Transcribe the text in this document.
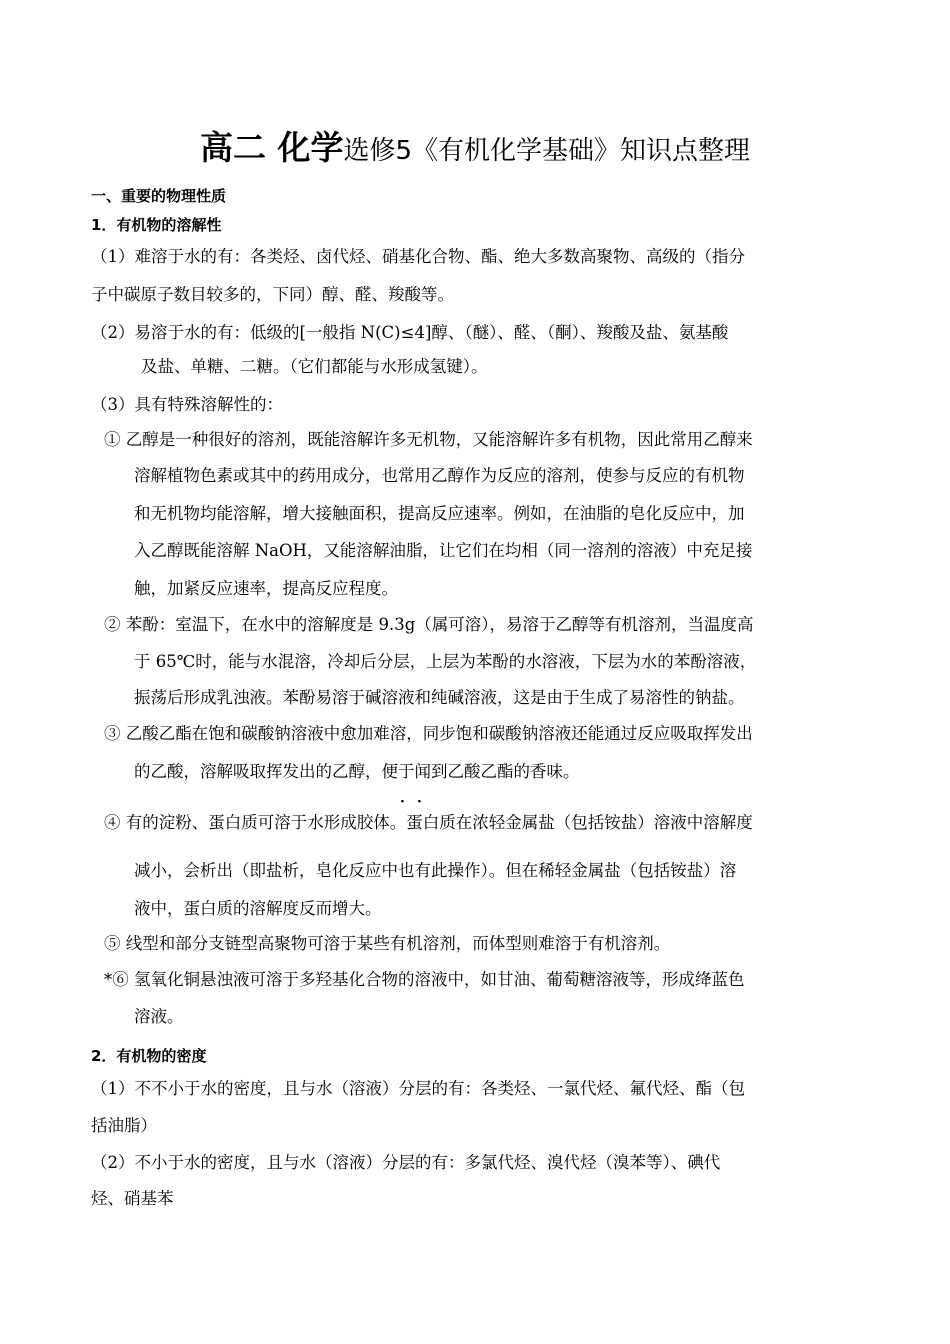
高二 化学选修5《有机化学基础》知识点整理
一、重要的物理性质
1．有机物的溶解性
（1）难溶于水的有：各类烃、卤代烃、硝基化合物、酯、绝大多数高聚物、高级的（指分
子中碳原子数目较多的，下同）醇、醛、羧酸等。
（2）易溶于水的有：低级的[一般指 N(C)≤4]醇、（醚）、醛、（酮）、羧酸及盐、氨基酸
及盐、单糖、二糖。（它们都能与水形成氢键）。
（3）具有特殊溶解性的：
① 乙醇是一种很好的溶剂，既能溶解许多无机物，又能溶解许多有机物，因此常用乙醇来
溶解植物色素或其中的药用成分，也常用乙醇作为反应的溶剂，使参与反应的有机物
和无机物均能溶解，增大接触面积，提高反应速率。例如，在油脂的皂化反应中，加
入乙醇既能溶解 NaOH，又能溶解油脂，让它们在均相（同一溶剂的溶液）中充足接
触，加紧反应速率，提高反应程度。
② 苯酚：室温下，在水中的溶解度是 9.3g（属可溶），易溶于乙醇等有机溶剂，当温度高
于 65℃时，能与水混溶，冷却后分层，上层为苯酚的水溶液，下层为水的苯酚溶液，
振荡后形成乳浊液。苯酚易溶于碱溶液和纯碱溶液，这是由于生成了易溶性的钠盐。
③ 乙酸乙酯在饱和碳酸钠溶液中愈加难溶，同步饱和碳酸钠溶液还能通过反应吸取挥发出
的乙酸，溶解吸取挥发出的乙醇，便于闻到乙酸乙酯的香味。
··
④ 有的淀粉、蛋白质可溶于水形成胶体。蛋白质在浓轻金属盐（包括铵盐）溶液中溶解度
减小，会析出（即盐析，皂化反应中也有此操作）。但在稀轻金属盐（包括铵盐）溶
液中，蛋白质的溶解度反而增大。
⑤ 线型和部分支链型高聚物可溶于某些有机溶剂，而体型则难溶于有机溶剂。
*⑥ 氢氧化铜悬浊液可溶于多羟基化合物的溶液中，如甘油、葡萄糖溶液等，形成绛蓝色
溶液。
2．有机物的密度
（1）不不小于水的密度，且与水（溶液）分层的有：各类烃、一氯代烃、氟代烃、酯（包
括油脂）
（2）不小于水的密度，且与水（溶液）分层的有：多氯代烃、溴代烃（溴苯等）、碘代
烃、硝基苯
